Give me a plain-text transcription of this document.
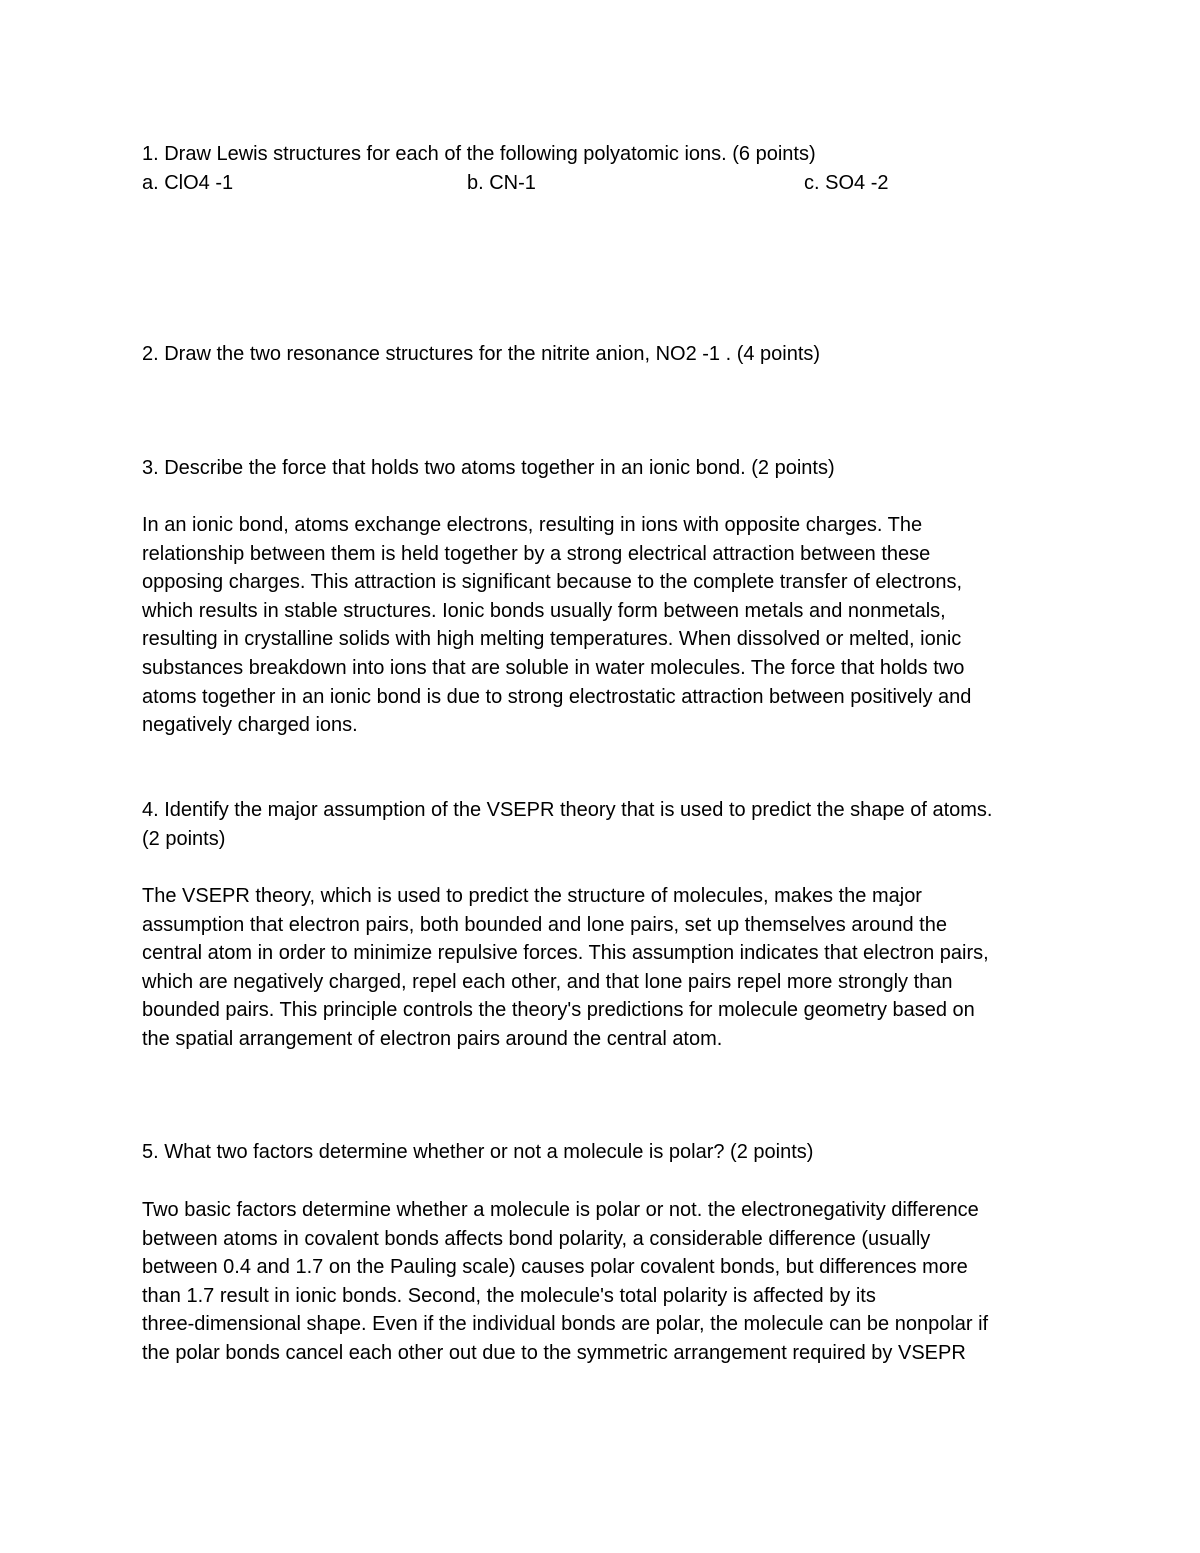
1. Draw Lewis structures for each of the following polyatomic ions. (6 points)

a. ClO4 -1	b. CN-1	c. SO4 -2

2. Draw the two resonance structures for the nitrite anion, NO2 -1 . (4 points)

3. Describe the force that holds two atoms together in an ionic bond. (2 points)

In an ionic bond, atoms exchange electrons, resulting in ions with opposite charges. The
relationship between them is held together by a strong electrical attraction between these
opposing charges. This attraction is significant because to the complete transfer of electrons,
which results in stable structures. Ionic bonds usually form between metals and nonmetals,
resulting in crystalline solids with high melting temperatures. When dissolved or melted, ionic
substances breakdown into ions that are soluble in water molecules. The force that holds two
atoms together in an ionic bond is due to strong electrostatic attraction between positively and
negatively charged ions.
4. Identify the major assumption of the VSEPR theory that is used to predict the shape of atoms.
(2 points)
The VSEPR theory, which is used to predict the structure of molecules, makes the major
assumption that electron pairs, both bounded and lone pairs, set up themselves around the
central atom in order to minimize repulsive forces. This assumption indicates that electron pairs,
which are negatively charged, repel each other, and that lone pairs repel more strongly than
bounded pairs. This principle controls the theory's predictions for molecule geometry based on
the spatial arrangement of electron pairs around the central atom.

5. What two factors determine whether or not a molecule is polar? (2 points)

Two basic factors determine whether a molecule is polar or not. the electronegativity difference
between atoms in covalent bonds affects bond polarity, a considerable difference (usually
between 0.4 and 1.7 on the Pauling scale) causes polar covalent bonds, but differences more
than 1.7 result in ionic bonds. Second, the molecule's total polarity is affected by its
three-dimensional shape. Even if the individual bonds are polar, the molecule can be nonpolar if
the polar bonds cancel each other out due to the symmetric arrangement required by VSEPR
